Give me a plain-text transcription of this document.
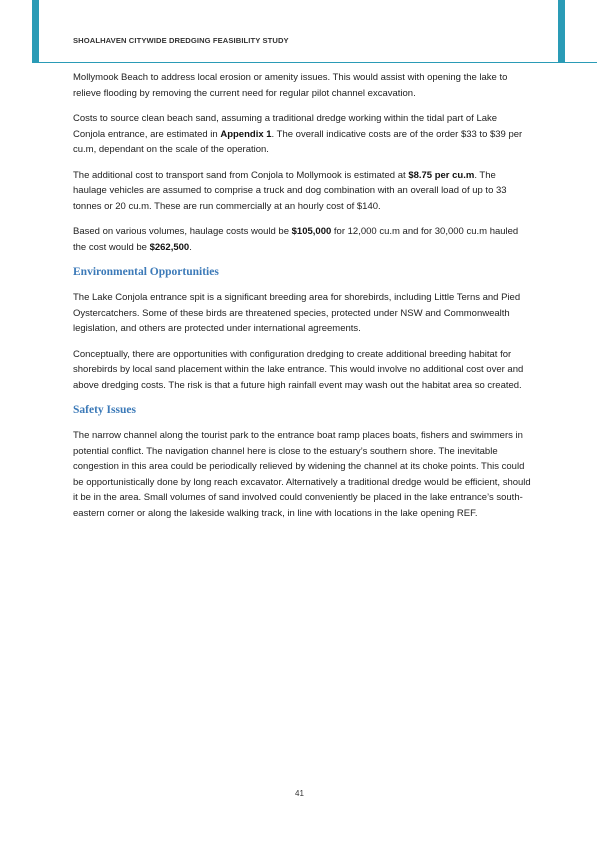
SHOALHAVEN CITYWIDE DREDGING FEASIBILITY STUDY

Mollymook Beach to address local erosion or amenity issues. This would assist with opening the lake to relieve flooding by removing the current need for regular pilot channel excavation.

Costs to source clean beach sand, assuming a traditional dredge working within the tidal part of Lake Conjola entrance, are estimated in Appendix 1. The overall indicative costs are of the order $33 to $39 per cu.m, dependant on the scale of the operation.

The additional cost to transport sand from Conjola to Mollymook is estimated at $8.75 per cu.m. The haulage vehicles are assumed to comprise a truck and dog combination with an overall load of up to 33 tonnes or 20 cu.m. These are run commercially at an hourly cost of $140.

Based on various volumes, haulage costs would be $105,000 for 12,000 cu.m and for 30,000 cu.m hauled the cost would be $262,500.

Environmental Opportunities

The Lake Conjola entrance spit is a significant breeding area for shorebirds, including Little Terns and Pied Oystercatchers. Some of these birds are threatened species, protected under NSW and Commonwealth legislation, and others are protected under international agreements.

Conceptually, there are opportunities with configuration dredging to create additional breeding habitat for shorebirds by local sand placement within the lake entrance. This would involve no additional cost over and above dredging costs. The risk is that a future high rainfall event may wash out the habitat area so created.

Safety Issues

The narrow channel along the tourist park to the entrance boat ramp places boats, fishers and swimmers in potential conflict. The navigation channel here is close to the estuary’s southern shore. The inevitable congestion in this area could be periodically relieved by widening the channel at its choke points. This could be opportunistically done by long reach excavator. Alternatively a traditional dredge would be efficient, should it be in the area. Small volumes of sand involved could conveniently be placed in the lake entrance’s south-eastern corner or along the lakeside walking track, in line with locations in the lake opening REF.

41
